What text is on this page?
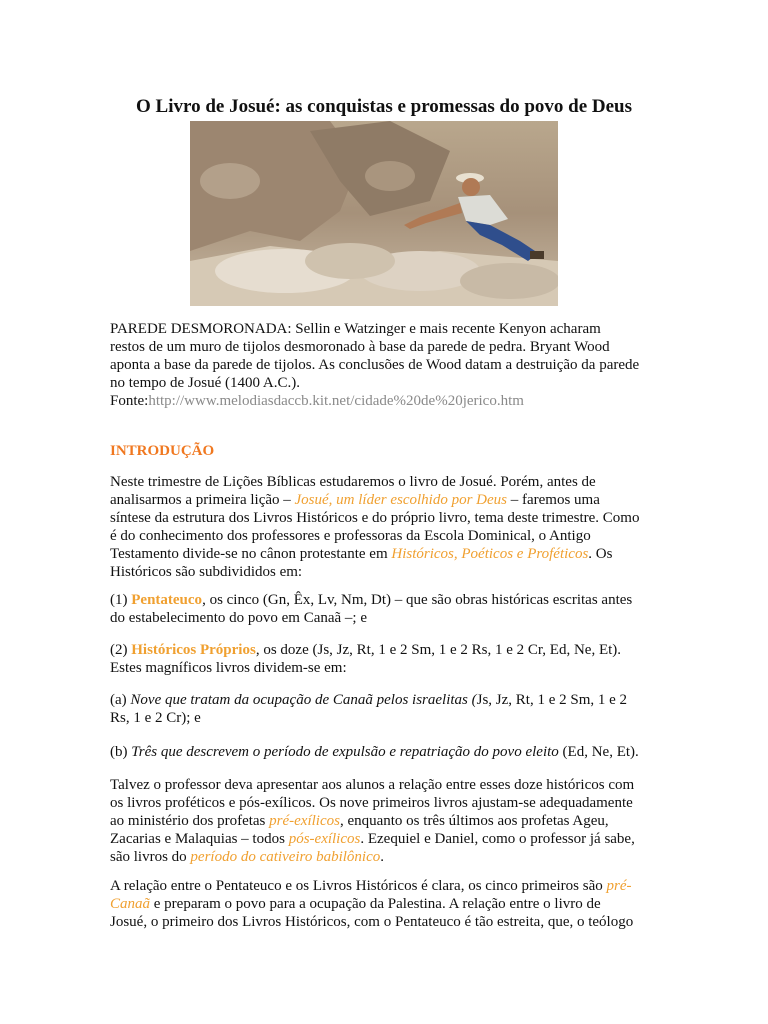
O Livro de Josué: as conquistas e promessas do povo de Deus

PAREDE DESMORONADA: Sellin e Watzinger e mais recente Kenyon acharam

restos de um muro de tijolos desmoronado à base da parede de pedra. Bryant Wood

aponta a base da parede de tijolos. As conclusões de Wood datam a destruição da parede

no tempo de Josué (1400 A.C.).

Fonte:http://www.melodiasdaccb.kit.net/cidade%20de%20jerico.htm

INTRODUÇÃO

Neste trimestre de Lições Bíblicas estudaremos o livro de Josué. Porém, antes de

analisarmos a primeira lição – Josué, um líder escolhido por Deus – faremos uma

síntese da estrutura dos Livros Históricos e do próprio livro, tema deste trimestre. Como

é do conhecimento dos professores e professoras da Escola Dominical, o Antigo

Testamento divide-se no cânon protestante em Históricos, Poéticos e Proféticos. Os

Históricos são subdivididos em:

(1) Pentateuco, os cinco (Gn, Êx, Lv, Nm, Dt) – que são obras históricas escritas antes

do estabelecimento do povo em Canaã –; e

(2) Históricos Próprios, os doze (Js, Jz, Rt, 1 e 2 Sm, 1 e 2 Rs, 1 e 2 Cr, Ed, Ne, Et).

Estes magníficos livros dividem-se em:

(a) Nove que tratam da ocupação de Canaã pelos israelitas (Js, Jz, Rt, 1 e 2 Sm, 1 e 2

Rs, 1 e 2 Cr); e

(b) Três que descrevem o período de expulsão e repatriação do povo eleito (Ed, Ne, Et).

Talvez o professor deva apresentar aos alunos a relação entre esses doze históricos com

os livros proféticos e pós-exílicos. Os nove primeiros livros ajustam-se adequadamente

ao ministério dos profetas pré-exílicos, enquanto os três últimos aos profetas Ageu,

Zacarias e Malaquias – todos pós-exílicos. Ezequiel e Daniel, como o professor já sabe,

são livros do período do cativeiro babilônico.

A relação entre o Pentateuco e os Livros Históricos é clara, os cinco primeiros são pré-

Canaã e preparam o povo para a ocupação da Palestina. A relação entre o livro de

Josué, o primeiro dos Livros Históricos, com o Pentateuco é tão estreita, que, o teólogo
